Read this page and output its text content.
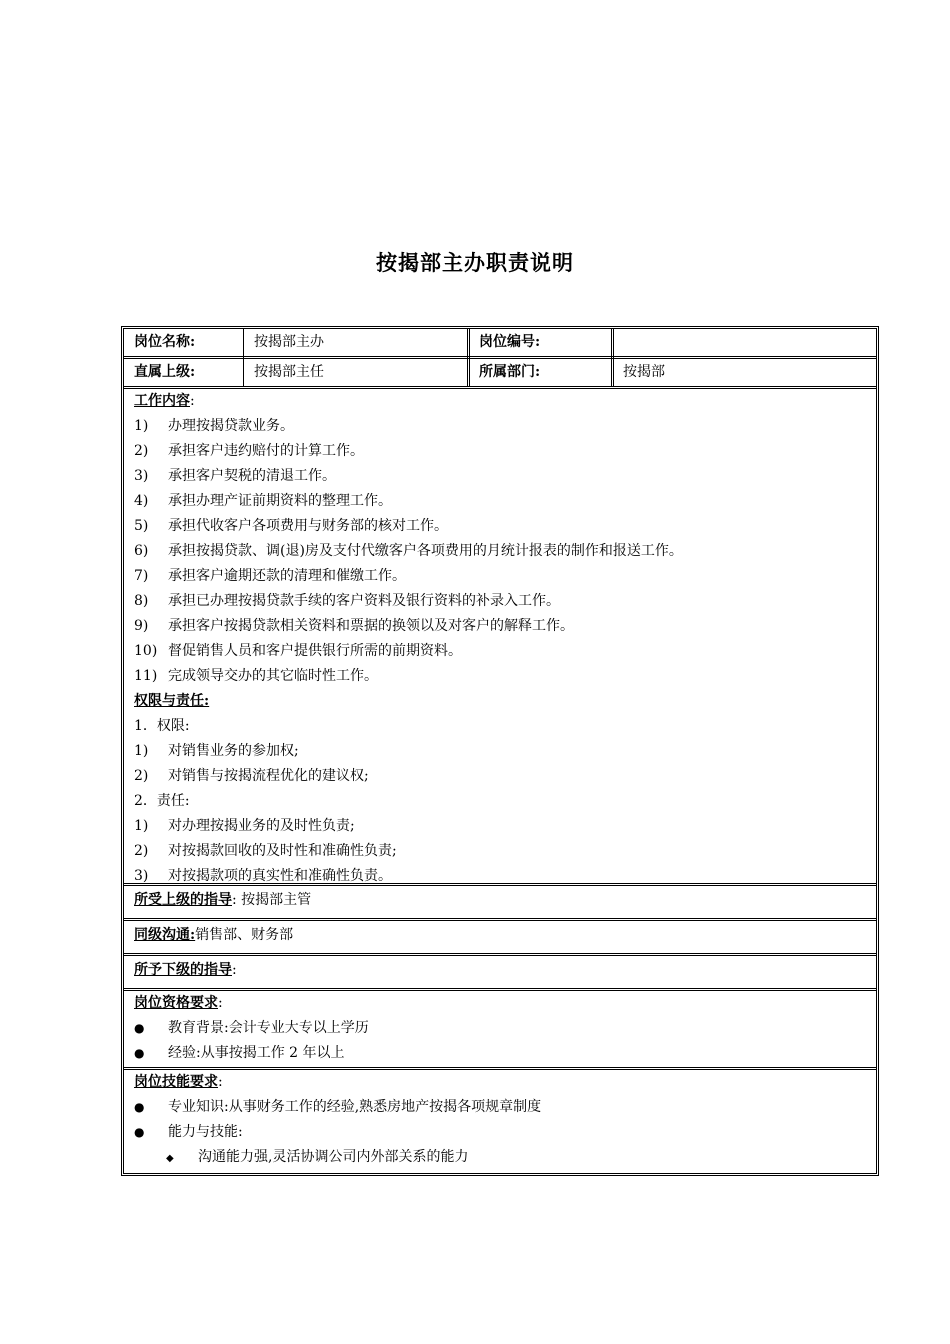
按揭部主办职责说明
岗位名称:	按揭部主办	岗位编号:
直属上级:	按揭部主任	所属部门:	按揭部
工作内容:
1) 办理按揭贷款业务。
2) 承担客户违约赔付的计算工作。
3) 承担客户契税的清退工作。
4) 承担办理产证前期资料的整理工作。
5) 承担代收客户各项费用与财务部的核对工作。
6) 承担按揭贷款、调(退)房及支付代缴客户各项费用的月统计报表的制作和报送工作。
7) 承担客户逾期还款的清理和催缴工作。
8) 承担已办理按揭贷款手续的客户资料及银行资料的补录入工作。
9) 承担客户按揭贷款相关资料和票据的换领以及对客户的解释工作。
10) 督促销售人员和客户提供银行所需的前期资料。
11) 完成领导交办的其它临时性工作。
权限与责任:
1．权限:
1) 对销售业务的参加权;
2) 对销售与按揭流程优化的建议权;
2．责任:
1) 对办理按揭业务的及时性负责;
2) 对按揭款回收的及时性和准确性负责;
3) 对按揭款项的真实性和准确性负责。
所受上级的指导: 按揭部主管
同级沟通:销售部、财务部
所予下级的指导:
岗位资格要求:
● 教育背景:会计专业大专以上学历
● 经验:从事按揭工作 2 年以上
岗位技能要求:
● 专业知识:从事财务工作的经验,熟悉房地产按揭各项规章制度
● 能力与技能:
◆ 沟通能力强,灵活协调公司内外部关系的能力
